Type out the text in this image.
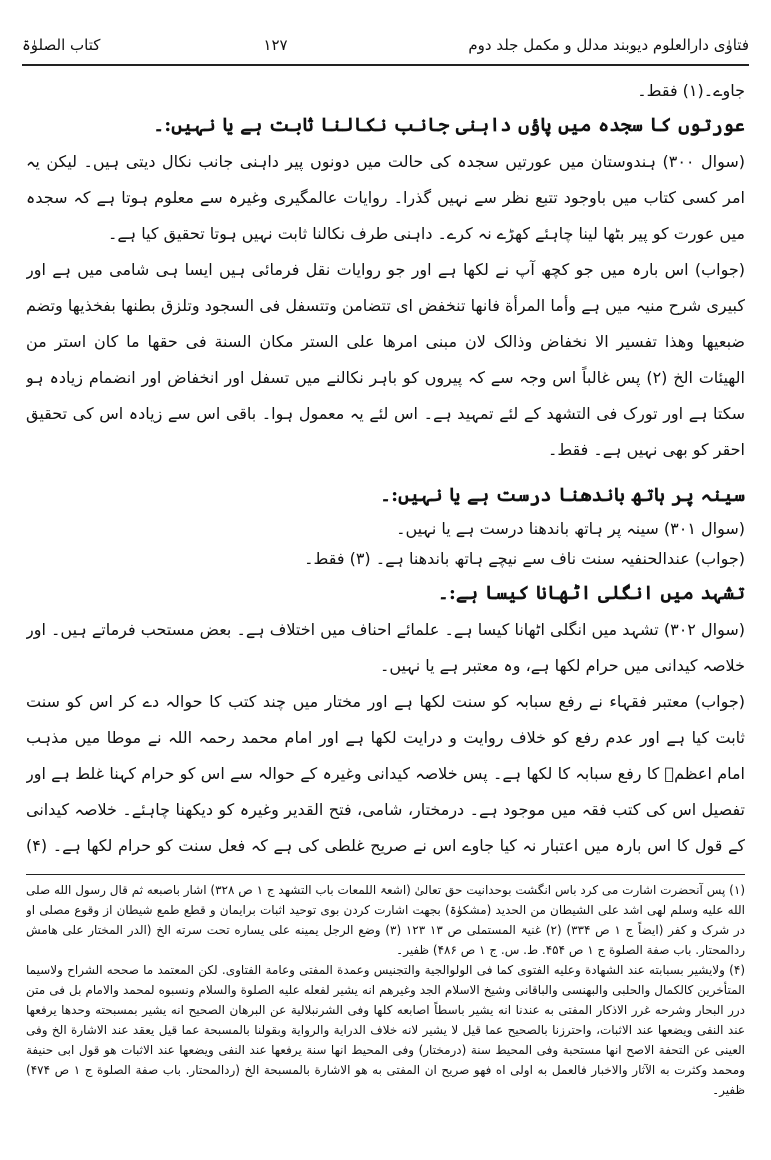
کتاب الصلوٰۃ	۱۲۷	فتاوٰی دارالعلوم دیوبند مدلل و مکمل جلد دوم

جاوے۔(۱) فقط۔

عورتوں کا سجدہ میں پاؤں داہنی جانب نکالنا ثابت ہے یا نہیں:۔

(سوال ۳۰۰) ہندوستان میں عورتیں سجدہ کی حالت میں دونوں پیر داہنی جانب نکال دیتی ہیں۔ لیکن یہ امر کسی کتاب میں باوجود تتبع نظر سے نہیں گذرا۔ روایات عالمگیری وغیرہ سے معلوم ہوتا ہے کہ سجدہ میں عورت کو پیر بٹھا لینا چاہئے کھڑے نہ کرے۔ داہنی طرف نکالنا ثابت نہیں ہوتا تحقیق کیا ہے۔

(جواب) اس بارہ میں جو کچھ آپ نے لکھا ہے اور جو روایات نقل فرمائی ہیں ایسا ہی شامی میں ہے اور کبیری شرح منیہ میں ہے وأما المرأة فانها تنخفض ای تتضامن وتتسفل فی السجود وتلزق بطنها بفخذیها وتضم ضبعیها وهذا تفسیر الا نخفاض وذالک لان مبنی امرها علی الستر مکان السنة فی حقها ما کان استر من الهیئات الخ (۲) پس غالباً اس وجہ سے کہ پیروں کو باہر نکالنے میں تسفل اور انخفاض اور انضمام زیادہ ہو سکتا ہے اور تورک فی التشهد کے لئے تمہید ہے۔ اس لئے یہ معمول ہوا۔ باقی اس سے زیادہ اس کی تحقیق احقر کو بھی نہیں ہے۔ فقط۔

سینہ پر ہاتھ باندھنا درست ہے یا نہیں:۔

(سوال ۳۰۱) سینہ پر ہاتھ باندھنا درست ہے یا نہیں۔

(جواب) عندالحنفیہ سنت ناف سے نیچے ہاتھ باندھنا ہے۔ (۳) فقط۔

تشہد میں انگلی اٹھانا کیسا ہے:۔

(سوال ۳۰۲) تشہد میں انگلی اٹھانا کیسا ہے۔ علمائے احناف میں اختلاف ہے۔ بعض مستحب فرماتے ہیں۔ اور خلاصہ کیدانی میں حرام لکھا ہے، وہ معتبر ہے یا نہیں۔

(جواب) معتبر فقہاء نے رفع سبابہ کو سنت لکھا ہے اور مختار میں چند کتب کا حوالہ دے کر اس کو سنت ثابت کیا ہے اور عدم رفع کو خلاف روایت و درایت لکھا ہے اور امام محمد رحمہ اللہ نے موطا میں مذہب امام اعظمؒ کا رفع سبابہ کا لکھا ہے۔ پس خلاصہ کیدانی وغیرہ کے حوالہ سے اس کو حرام کہنا غلط ہے اور تفصیل اس کی کتب فقہ میں موجود ہے۔ درمختار، شامی، فتح القدیر وغیرہ کو دیکھنا چاہئے۔ خلاصہ کیدانی کے قول کا اس بارہ میں اعتبار نہ کیا جاوے اس نے صریح غلطی کی ہے کہ فعل سنت کو حرام لکھا ہے۔ (۴)

(۱) پس آنحضرت اشارت می کرد باس انگشت بوحدانیت حق تعالیٰ (اشعۃ اللمعات باب التشهد ج ۱ ص ۳۲۸) اشار باصبعه ثم قال رسول الله صلی الله علیه وسلم لهی اشد علی الشیطان من الحدید (مشکوٰۃ) بجهت اشارت کردن بوی توحید اثبات برایمان و قطع طمع شیطان از وقوع مصلی او در شرک و کفر (ایضاً ج ۱ ص ۳۳۴) (۲) غنیۃ المستملی ص ۱۳ ۱۲۳ (۳) وضع الرجل یمینه علی یساره تحت سرته الخ (الدر المختار علی هامش ردالمحتار. باب صفة الصلوة ج ۱ ص ۴۵۴. ط. س. ج ۱ ص ۴۸۶) ظفیر۔

(۴) ولایشیر بسبابته عند الشهادة وعلیه الفتوی کما فی الولوالجیة والتجنیس وعمدة المفتی وعامة الفتاوی. لکن المعتمد ما صححه الشراح ولاسیما المتأخرین کالکمال والحلبی والبهنسی والباقانی وشیخ الاسلام الجد وغیرهم انه یشیر لفعله علیه الصلوة والسلام ونسبوه لمحمد والامام بل فی متن درر البحار وشرحه غرر الاذکار المفتی به عندنا انه یشیر باسطاً اصابعه کلها وفی الشرنبلالیة عن البرهان الصحیح انه یشیر بمسبحته وحدها یرفعها عند النفی ویضعها عند الاثبات، واحترزنا بالصحیح عما قیل لا یشیر لانه خلاف الدرایة والروایة وبقولنا بالمسبحة عما قیل یعقد عند الاشارة الخ وفی العینی عن التحفة الاصح انها مستحبة وفی المحیط سنة (درمختار) وفی المحیط انها سنة یرفعها عند النفی ویضعها عند الاثبات هو قول ابی حنیفة ومحمد وکثرت به الآثار والاخبار فالعمل به اولی اه فهو صریح ان المفتی به هو الاشارة بالمسبحة الخ (ردالمحتار. باب صفة الصلوة ج ۱ ص ۴۷۴) ظفیر۔
